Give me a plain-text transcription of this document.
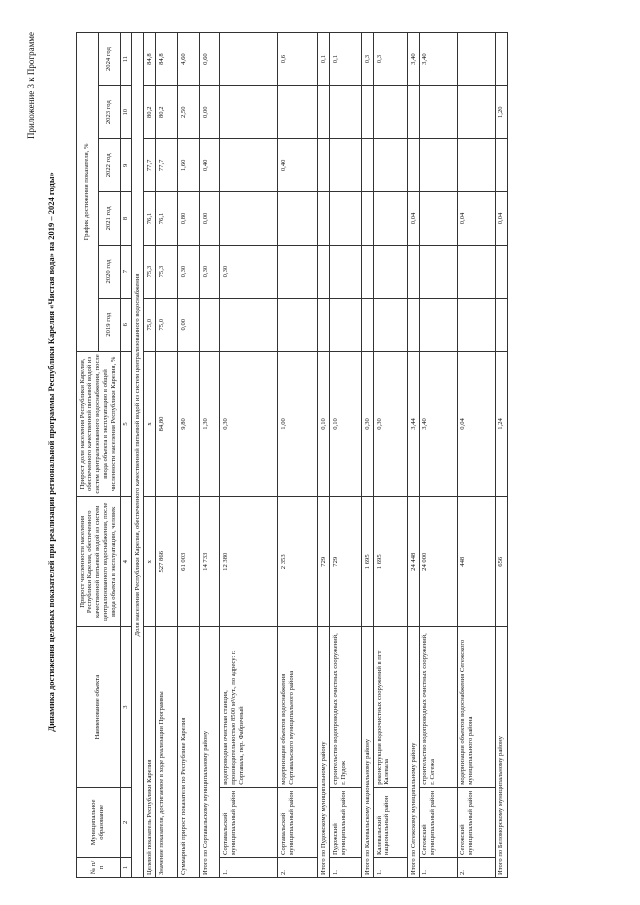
Приложение 3 к Программе
Динамика достижения целевых показателей при реализации региональной программы Республики Карелия «Чистая вода» на 2019 – 2024 годы»
№ п/п	Муниципальное образование	Наименование объекта	Прирост численности населения Республики Карелия, обеспеченного качественной питьевой водой из систем централизованного водоснабжения, после ввода объекта в эксплуатацию, человек	Прирост доли населения Республики Карелия, обеспеченного качественной питьевой водой из систем централизованного водоснабжения, после ввода объекта в эксплуатацию в общей численности населения Республики Карелия, %	График достижения показателя, %					
					2019 год	2020 год	2021 год	2022 год	2023 год	2024 год
1	2	3	4	5	6	7	8	9	10	11
Доля населения Республики Карелия, обеспеченного качественной питьевой водой из систем централизованного водоснабжения										
Целевой показатель Республики Карелия			x	x	75,0	75,3	76,1	77,7	80,2	84,8
Значение показателя, достигаемое в ходе реализации Программы			527 866	84,80	75,0	75,3	76,1	77,7	80,2	84,8
Суммарный прирост показателя по Республике Карелия			61 003	9,80	0,00	0,30	0,80	1,60	2,50	4,60
Итого по Сортавальскому муниципальному району			14 733	1,30		0,30	0,00	0,40	0,00	0,60
1.	Сортавальский муниципальный район	водопроводная очистная станция, производительностью 8500 м³/сут., по адресу: г. Сортавала, пер. Фабричный	12 380	0,30		0,30				
2.	Сортавальский муниципальный район	модернизация объектов водоснабжения Сортавальского муниципального района	2 353	1,00				0,40		0,6
Итого по Пудожскому муниципальному району			729	0,10						0,1
1.	Пудожский муниципальный район	строительство водопроводных очистных сооружений, г. Пудож	729	0,10						0,1
Итого по Калевальскому национальному району			1 695	0,30						0,3
1.	Калевальский национальный район	реконструкция водоочистных сооружений в пгт Калевала	1 695	0,30						0,3
Итого по Сегежскому муниципальному району			24 448	3,44			0,04			3,40
1.	Сегежский муниципальный район	строительство водопроводных очистных сооружений, г. Сегежа	24 000	3,40						3,40
2.	Сегежский муниципальный район	модернизация объектов водоснабжения Сегежского муниципального района	448	0,04			0,04			
Итого по Беломорскому муниципальному району			656	1,24			0,04		1,20	
